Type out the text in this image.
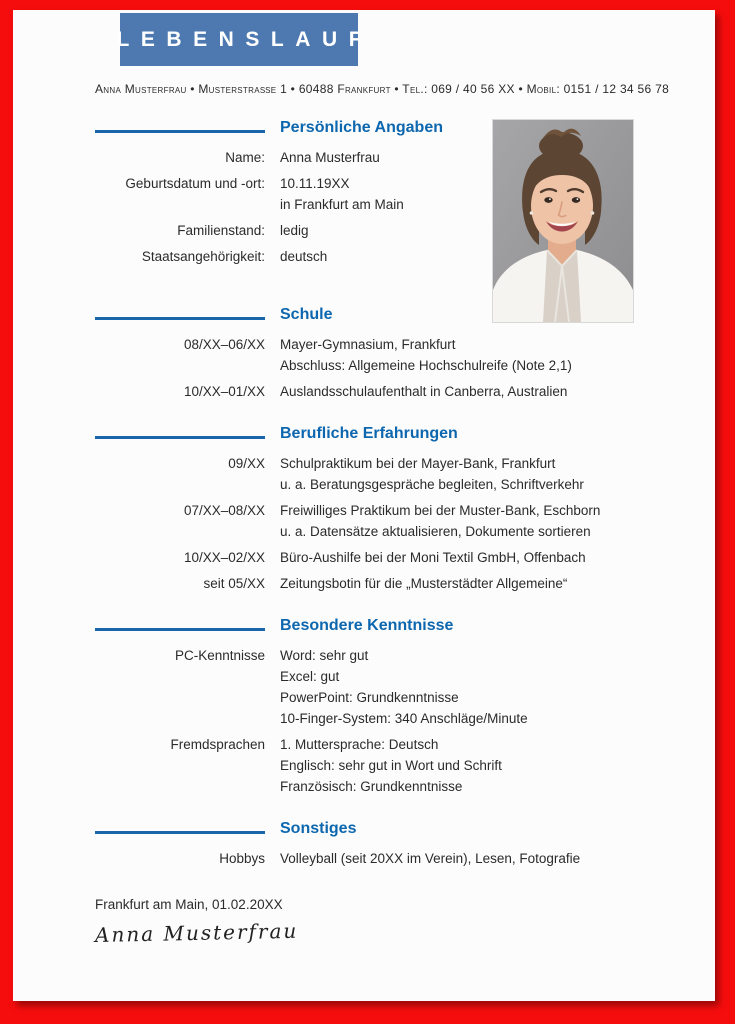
LEBENSLAUF
Anna Musterfrau • Musterstraße 1 • 60488 Frankfurt • Tel.: 069 / 40 56 XX • Mobil: 0151 / 12 34 56 78
Persönliche Angaben
Name: Anna Musterfrau
Geburtsdatum und -ort: 10.11.19XX
in Frankfurt am Main
Familienstand: ledig
Staatsangehörigkeit: deutsch
Schule
08/XX–06/XX Mayer-Gymnasium, Frankfurt
Abschluss: Allgemeine Hochschulreife (Note 2,1)
10/XX–01/XX Auslandsschulaufenthalt in Canberra, Australien
Berufliche Erfahrungen
09/XX Schulpraktikum bei der Mayer-Bank, Frankfurt
u. a. Beratungsgespräche begleiten, Schriftverkehr
07/XX–08/XX Freiwilliges Praktikum bei der Muster-Bank, Eschborn
u. a. Datensätze aktualisieren, Dokumente sortieren
10/XX–02/XX Büro-Aushilfe bei der Moni Textil GmbH, Offenbach
seit 05/XX Zeitungsbotin für die „Musterstädter Allgemeine“
Besondere Kenntnisse
PC-Kenntnisse Word: sehr gut
Excel: gut
PowerPoint: Grundkenntnisse
10-Finger-System: 340 Anschläge/Minute
Fremdsprachen 1. Muttersprache: Deutsch
Englisch: sehr gut in Wort und Schrift
Französisch: Grundkenntnisse
Sonstiges
Hobbys Volleyball (seit 20XX im Verein), Lesen, Fotografie
Frankfurt am Main, 01.02.20XX
Anna Musterfrau
